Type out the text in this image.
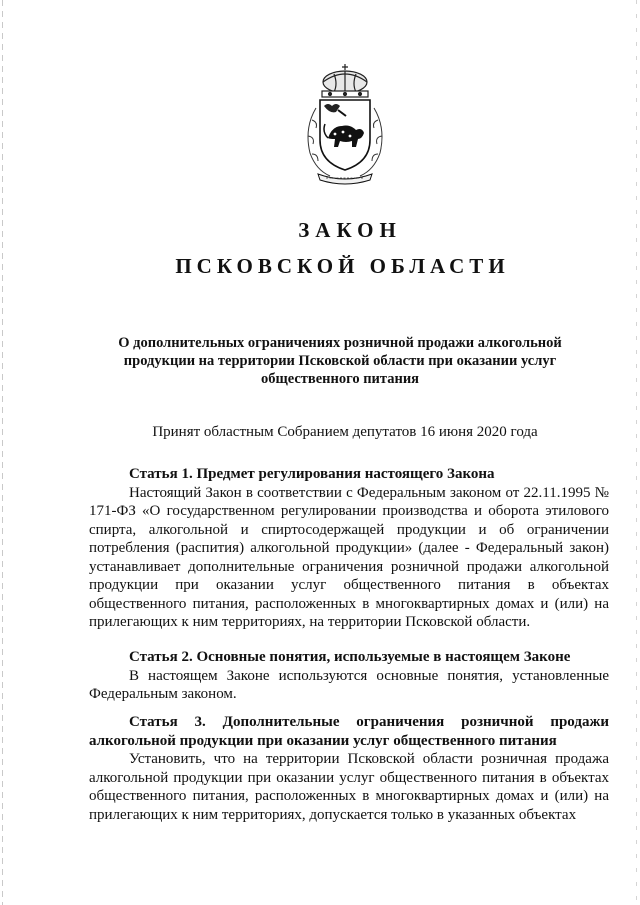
ЗАКОН
ПСКОВСКОЙ ОБЛАСТИ
О дополнительных ограничениях розничной продажи алкогольной продукции на территории Псковской области при оказании услуг общественного питания
Принят областным Собранием депутатов 16 июня 2020 года

Статья 1. Предмет регулирования настоящего Закона

Настоящий Закон в соответствии с Федеральным законом от 22.11.1995 № 171-ФЗ «О государственном регулировании производства и оборота этилового спирта, алкогольной и спиртосодержащей продукции и об ограничении потребления (распития) алкогольной продукции» (далее - Федеральный закон) устанавливает дополнительные ограничения розничной продажи алкогольной продукции при оказании услуг общественного питания в объектах общественного питания, расположенных в многоквартирных домах и (или) на прилегающих к ним территориях, на территории Псковской области.

Статья 2. Основные понятия, используемые в настоящем Законе

В настоящем Законе используются основные понятия, установленные Федеральным законом.

Статья 3. Дополнительные ограничения розничной продажи алкогольной продукции при оказании услуг общественного питания

Установить, что на территории Псковской области розничная продажа алкогольной продукции при оказании услуг общественного питания в объектах общественного питания, расположенных в многоквартирных домах и (или) на прилегающих к ним территориях, допускается только в указанных объектах
